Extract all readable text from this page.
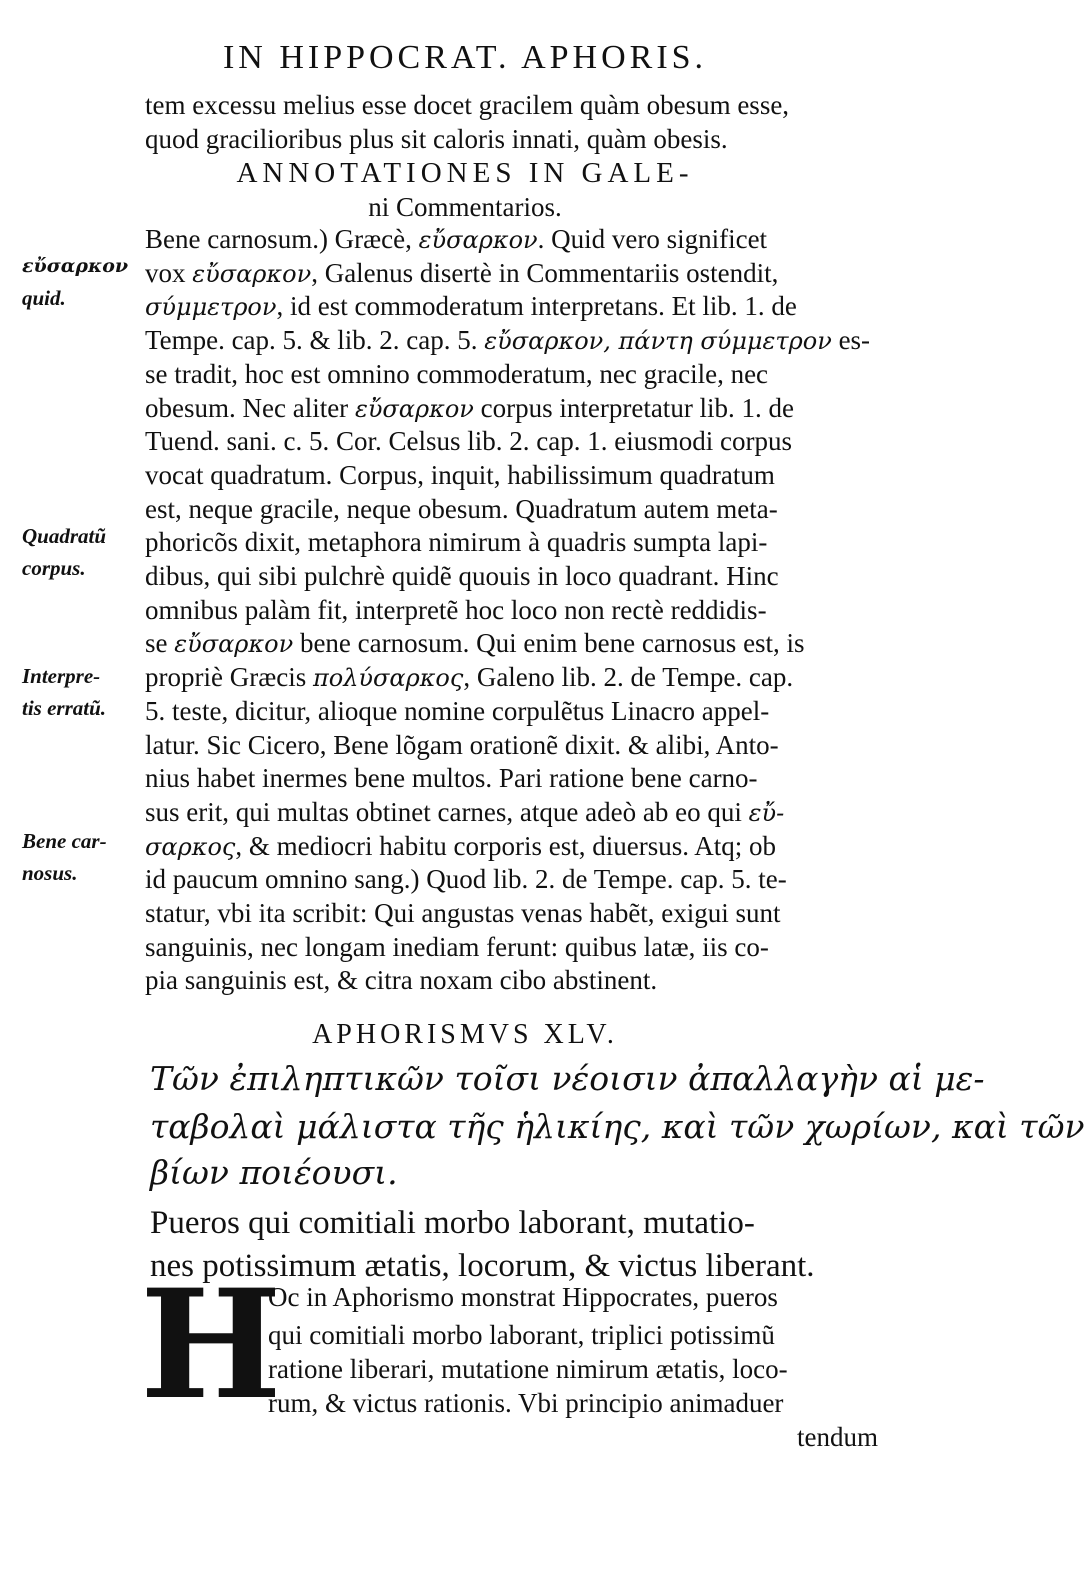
IN HIPPOCRAT. APHORIS.
tem excessu melius esse docet gracilem quàm obesum esse,
quod gracilioribus plus sit caloris innati, quàm obesis.
ANNOTATIONES IN GALE-
ni Commentarios.
Bene carnosum.) Græcè, εὔσαρκον. Quid vero significet
vox εὔσαρκον, Galenus disertè in Commentariis ostendit,
σύμμετρον, id est commoderatum interpretans. Et lib. 1. de
Tempe. cap. 5. & lib. 2. cap. 5. εὔσαρκον, πάντη σύμμετρον es-
se tradit, hoc est omnino commoderatum, nec gracile, nec
obesum. Nec aliter εὔσαρκον corpus interpretatur lib. 1. de
Tuend. sani. c. 5. Cor. Celsus lib. 2. cap. 1. eiusmodi corpus
vocat quadratum. Corpus, inquit, habilissimum quadratum
est, neque gracile, neque obesum. Quadratum autem meta-
phoricõs dixit, metaphora nimirum à quadris sumpta lapi-
dibus, qui sibi pulchrè quidẽ quouis in loco quadrant. Hinc
omnibus palàm fit, interpretẽ hoc loco non rectè reddidis-
se εὔσαρκον bene carnosum. Qui enim bene carnosus est, is
propriè Græcis πολύσαρκος, Galeno lib. 2. de Tempe. cap.
5. teste, dicitur, alioque nomine corpulẽtus Linacro appel-
latur. Sic Cicero, Bene lõgam orationẽ dixit. & alibi, Anto-
nius habet inermes bene multos. Pari ratione bene carno-
sus erit, qui multas obtinet carnes, atque adeò ab eo qui εὔ-
σαρκος, & mediocri habitu corporis est, diuersus. Atq; ob
id paucum omnino sang.) Quod lib. 2. de Tempe. cap. 5. te-
statur, vbi ita scribit: Qui angustas venas habẽt, exigui sunt
sanguinis, nec longam inediam ferunt: quibus latæ, iis co-
pia sanguinis est, & citra noxam cibo abstinent.
εὔσαρκον
quid.
Quadratũ
corpus.
Interpre-
tis erratũ.
Bene car-
nosus.
APHORISMVS XLV.
Τῶν ἐπιληπτικῶν τοῖσι νέοισιν ἀπαλλαγὴν αἱ με-
ταβολαὶ μάλιστα τῆς ἡλικίης, καὶ τῶν χωρίων, καὶ τῶν
βίων ποιέουσι.
Pueros qui comitiali morbo laborant, mutatio-
nes potissimum ætatis, locorum, & victus liberant.
H
Oc in Aphorismo monstrat Hippocrates, pueros
qui comitiali morbo laborant, triplici potissimũ
ratione liberari, mutatione nimirum ætatis, loco-
rum, & victus rationis. Vbi principio animaduer
tendum
